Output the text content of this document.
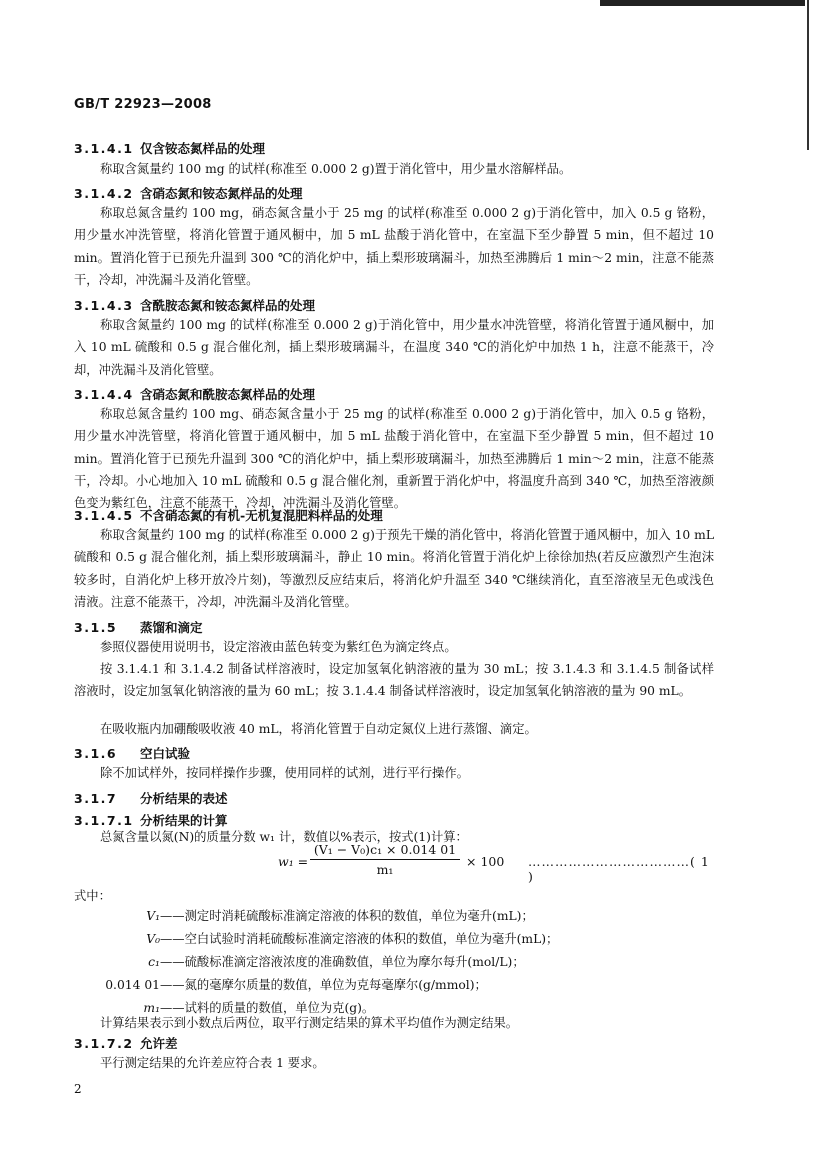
GB/T 22923—2008
3.1.4.1 仅含铵态氮样品的处理
称取含氮量约 100 mg 的试样(称准至 0.000 2 g)置于消化管中，用少量水溶解样品。
3.1.4.2 含硝态氮和铵态氮样品的处理
称取总氮含量约 100 mg，硝态氮含量小于 25 mg 的试样(称准至 0.000 2 g)于消化管中，加入 0.5 g 铬粉，用少量水冲洗管壁，将消化管置于通风橱中，加 5 mL 盐酸于消化管中，在室温下至少静置 5 min，但不超过 10 min。置消化管于已预先升温到 300 ℃的消化炉中，插上梨形玻璃漏斗，加热至沸腾后 1 min～2 min，注意不能蒸干，冷却，冲洗漏斗及消化管壁。
3.1.4.3 含酰胺态氮和铵态氮样品的处理
称取含氮量约 100 mg 的试样(称准至 0.000 2 g)于消化管中，用少量水冲洗管壁，将消化管置于通风橱中，加入 10 mL 硫酸和 0.5 g 混合催化剂，插上梨形玻璃漏斗，在温度 340 ℃的消化炉中加热 1 h，注意不能蒸干，冷却，冲洗漏斗及消化管壁。
3.1.4.4 含硝态氮和酰胺态氮样品的处理
称取总氮含量约 100 mg、硝态氮含量小于 25 mg 的试样(称准至 0.000 2 g)于消化管中，加入 0.5 g 铬粉，用少量水冲洗管壁，将消化管置于通风橱中，加 5 mL 盐酸于消化管中，在室温下至少静置 5 min，但不超过 10 min。置消化管于已预先升温到 300 ℃的消化炉中，插上梨形玻璃漏斗，加热至沸腾后 1 min～2 min，注意不能蒸干，冷却。小心地加入 10 mL 硫酸和 0.5 g 混合催化剂，重新置于消化炉中，将温度升高到 340 ℃，加热至溶液颜色变为紫红色，注意不能蒸干，冷却，冲洗漏斗及消化管壁。
3.1.4.5 不含硝态氮的有机-无机复混肥料样品的处理
称取含氮量约 100 mg 的试样(称准至 0.000 2 g)于预先干燥的消化管中，将消化管置于通风橱中，加入 10 mL 硫酸和 0.5 g 混合催化剂，插上梨形玻璃漏斗，静止 10 min。将消化管置于消化炉上徐徐加热(若反应激烈产生泡沫较多时，自消化炉上移开放冷片刻)，等激烈反应结束后，将消化炉升温至 340 ℃继续消化，直至溶液呈无色或浅色清液。注意不能蒸干，冷却，冲洗漏斗及消化管壁。
3.1.5 蒸馏和滴定
参照仪器使用说明书，设定溶液由蓝色转变为紫红色为滴定终点。
按 3.1.4.1 和 3.1.4.2 制备试样溶液时，设定加氢氧化钠溶液的量为 30 mL；按 3.1.4.3 和 3.1.4.5 制备试样溶液时，设定加氢氧化钠溶液的量为 60 mL；按 3.1.4.4 制备试样溶液时，设定加氢氧化钠溶液的量为 90 mL。
在吸收瓶内加硼酸吸收液 40 mL，将消化管置于自动定氮仪上进行蒸馏、滴定。
3.1.6 空白试验
除不加试样外，按同样操作步骤，使用同样的试剂，进行平行操作。
3.1.7 分析结果的表述
3.1.7.1 分析结果的计算
总氮含量以氮(N)的质量分数 w₁ 计，数值以%表示，按式(1)计算：
w₁ =
(V₁ − V₀)c₁ × 0.014 01
m₁
× 100 ………………………………( 1 )
式中：
V₁——测定时消耗硫酸标准滴定溶液的体积的数值，单位为毫升(mL)；
V₀——空白试验时消耗硫酸标准滴定溶液的体积的数值，单位为毫升(mL)；
c₁——硫酸标准滴定溶液浓度的准确数值，单位为摩尔每升(mol/L)；
0.014 01——氮的毫摩尔质量的数值，单位为克每毫摩尔(g/mmol)；
m₁——试料的质量的数值，单位为克(g)。
计算结果表示到小数点后两位，取平行测定结果的算术平均值作为测定结果。
3.1.7.2 允许差
平行测定结果的允许差应符合表 1 要求。
2
